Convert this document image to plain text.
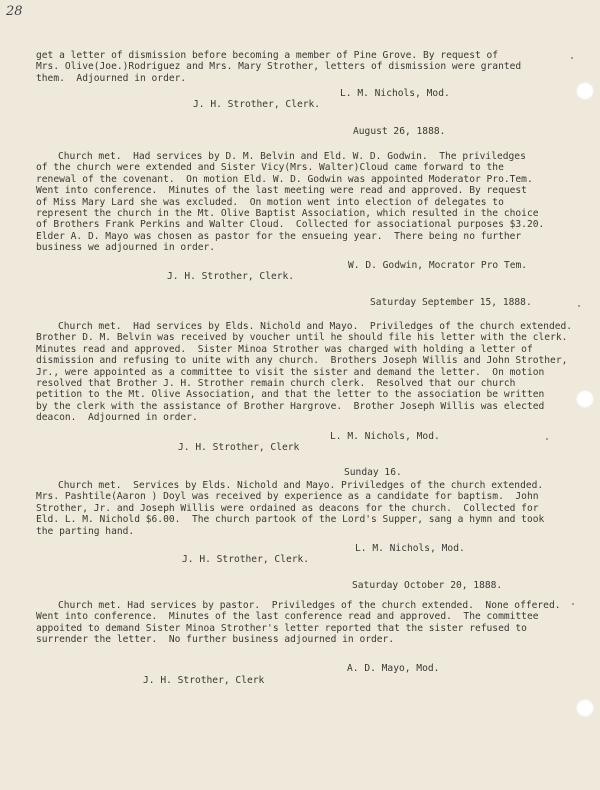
28
get a letter of dismission before becoming a member of Pine Grove. By request of
Mrs. Olive(Joe.)Rodriguez and Mrs. Mary Strother, letters of dismission were granted
them.  Adjourned in order.
L. M. Nichols, Mod.
J. H. Strother, Clerk.
August 26, 1888.
Church met.  Had services by D. M. Belvin and Eld. W. D. Godwin.  The priviledges
of the church were extended and Sister Vicy(Mrs. Walter)Cloud came forward to the
renewal of the covenant.  On motion Eld. W. D. Godwin was appointed Moderator Pro.Tem.
Went into conference.  Minutes of the last meeting were read and approved. By request
of Miss Mary Lard she was excluded.  On motion went into election of delegates to
represent the church in the Mt. Olive Baptist Association, which resulted in the choice
of Brothers Frank Perkins and Walter Cloud.  Collected for associational purposes $3.20.
Elder A. D. Mayo was chosen as pastor for the ensueing year.  There being no further
business we adjourned in order.
W. D. Godwin, Mocrator Pro Tem.
J. H. Strother, Clerk.
Saturday September 15, 1888.
Church met.  Had services by Elds. Nichold and Mayo.  Priviledges of the church extended.
Brother D. M. Belvin was received by voucher until he should file his letter with the clerk.
Minutes read and approved.  Sister Minoa Strother was charged with holding a letter of
dismission and refusing to unite with any church.  Brothers Joseph Willis and John Strother,
Jr., were appointed as a committee to visit the sister and demand the letter.  On motion
resolved that Brother J. H. Strother remain church clerk.  Resolved that our church
petition to the Mt. Olive Association, and that the letter to the association be written
by the clerk with the assistance of Brother Hargrove.  Brother Joseph Willis was elected
deacon.  Adjourned in order.
L. M. Nichols, Mod.
J. H. Strother, Clerk
Sunday 16.
Church met.  Services by Elds. Nichold and Mayo. Priviledges of the church extended.
Mrs. Pashtile(Aaron ) Doyl was received by experience as a candidate for baptism.  John
Strother, Jr. and Joseph Willis were ordained as deacons for the church.  Collected for
Eld. L. M. Nichold $6.00.  The church partook of the Lord's Supper, sang a hymn and took
the parting hand.
L. M. Nichols, Mod.
J. H. Strother, Clerk.
Saturday October 20, 1888.
Church met. Had services by pastor.  Priviledges of the church extended.  None offered.
Went into conference.  Minutes of the last conference read and approved.  The committee
appoited to demand Sister Minoa Strother's letter reported that the sister refused to
surrender the letter.  No further business adjourned in order.
A. D. Mayo, Mod.
J. H. Strother, Clerk
